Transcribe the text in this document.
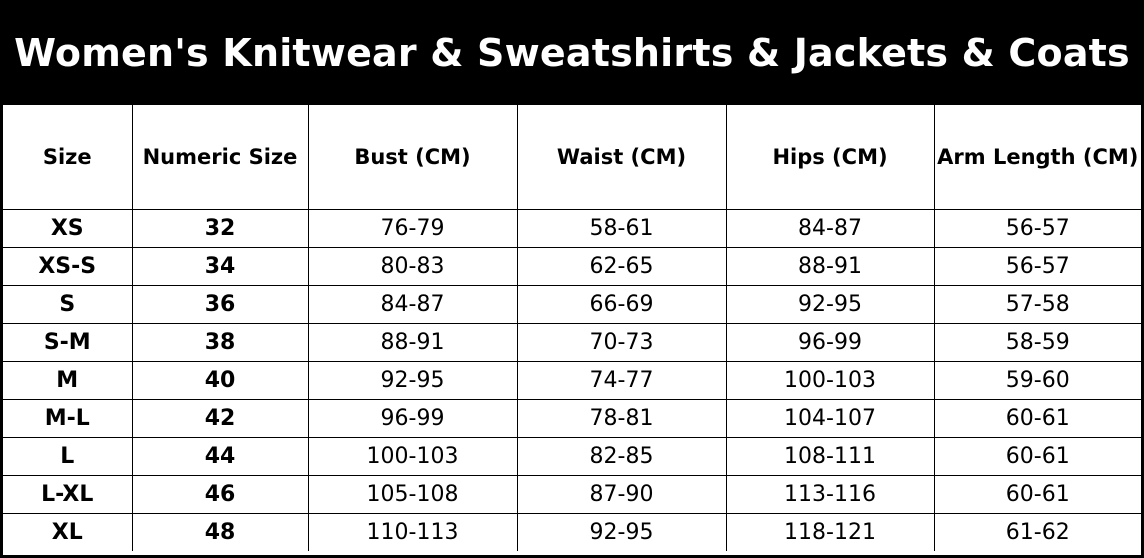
Women's Knitwear & Sweatshirts & Jackets & Coats
Size	Numeric Size	Bust (CM)	Waist (CM)	Hips (CM)	Arm Length (CM)
XS	32	76-79	58-61	84-87	56-57
XS-S	34	80-83	62-65	88-91	56-57
S	36	84-87	66-69	92-95	57-58
S-M	38	88-91	70-73	96-99	58-59
M	40	92-95	74-77	100-103	59-60
M-L	42	96-99	78-81	104-107	60-61
L	44	100-103	82-85	108-111	60-61
L-XL	46	105-108	87-90	113-116	60-61
XL	48	110-113	92-95	118-121	61-62
